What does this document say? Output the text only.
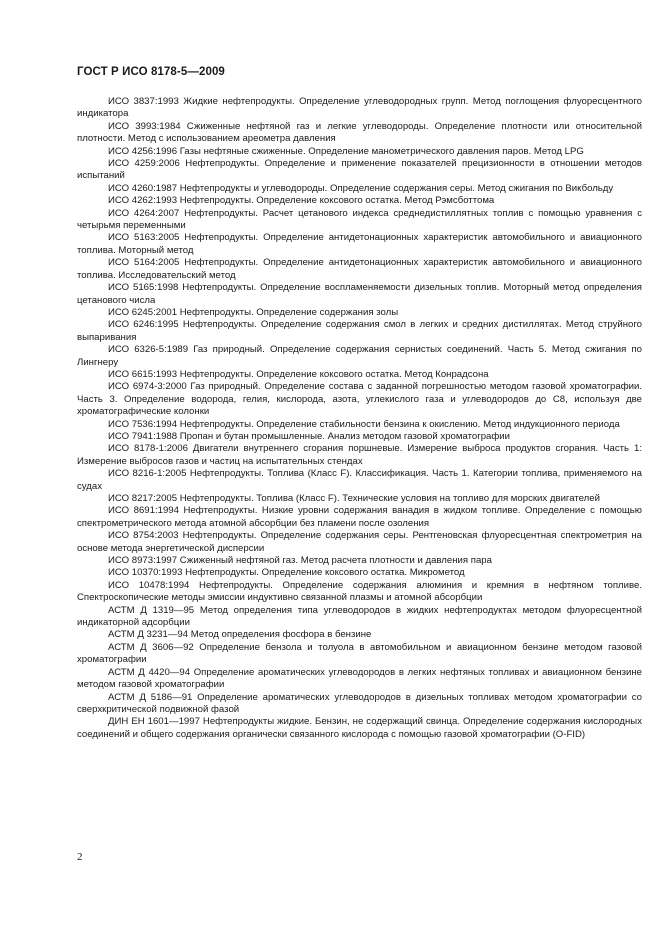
ГОСТ Р ИСО 8178-5—2009

ИСО 3837:1993 Жидкие нефтепродукты. Определение углеводородных групп. Метод поглощения флуоресцентного индикатора

ИСО 3993:1984 Сжиженные нефтяной газ и легкие углеводороды. Определение плотности или относительной плотности. Метод с использованием ареометра давления

ИСО 4256:1996 Газы нефтяные сжиженные. Определение манометрического давления паров. Метод LPG

ИСО 4259:2006 Нефтепродукты. Определение и применение показателей прецизионности в отношении методов испытаний

ИСО 4260:1987 Нефтепродукты и углеводороды. Определение содержания серы. Метод сжигания по Викбольду

ИСО 4262:1993 Нефтепродукты. Определение коксового остатка. Метод Рэмсботтома

ИСО 4264:2007 Нефтепродукты. Расчет цетанового индекса среднедистиллятных топлив с помощью уравнения с четырьмя переменными

ИСО 5163:2005 Нефтепродукты. Определение антидетонационных характеристик автомобильного и авиационного топлива. Моторный метод

ИСО 5164:2005 Нефтепродукты. Определение антидетонационных характеристик автомобильного и авиационного топлива. Исследовательский метод

ИСО 5165:1998 Нефтепродукты. Определение воспламеняемости дизельных топлив. Моторный метод определения цетанового числа

ИСО 6245:2001 Нефтепродукты. Определение содержания золы

ИСО 6246:1995 Нефтепродукты. Определение содержания смол в легких и средних дистиллятах. Метод струйного выпаривания

ИСО 6326-5:1989 Газ природный. Определение содержания сернистых соединений. Часть 5. Метод сжигания по Лингнеру

ИСО 6615:1993 Нефтепродукты. Определение коксового остатка. Метод Конрадсона

ИСО 6974-3:2000 Газ природный. Определение состава с заданной погрешностью методом газовой хроматографии. Часть 3. Определение водорода, гелия, кислорода, азота, углекислого газа и углеводородов до С8, используя две хроматографические колонки

ИСО 7536:1994 Нефтепродукты. Определение стабильности бензина к окислению. Метод индукционного периода

ИСО 7941:1988 Пропан и бутан промышленные. Анализ методом газовой хроматографии

ИСО 8178-1:2006 Двигатели внутреннего сгорания поршневые. Измерение выброса продуктов сгорания. Часть 1: Измерение выбросов газов и частиц на испытательных стендах

ИСО 8216-1:2005 Нефтепродукты. Топлива (Класс F). Классификация. Часть 1. Категории топлива, применяемого на судах

ИСО 8217:2005 Нефтепродукты. Топлива (Класс F). Технические условия на топливо для морских двигателей

ИСО 8691:1994 Нефтепродукты. Низкие уровни содержания ванадия в жидком топливе. Определение с помощью спектрометрического метода атомной абсорбции без пламени после озоления

ИСО 8754:2003 Нефтепродукты. Определение содержания серы. Рентгеновская флуоресцентная спектрометрия на основе метода энергетической дисперсии

ИСО 8973:1997 Сжиженный нефтяной газ. Метод расчета плотности и давления пара

ИСО 10370:1993 Нефтепродукты. Определение коксового остатка. Микрометод

ИСО 10478:1994 Нефтепродукты. Определение содержания алюминия и кремния в нефтяном топливе. Спектроскопические методы эмиссии индуктивно связанной плазмы и атомной абсорбции

АСТМ Д 1319—95 Метод определения типа углеводородов в жидких нефтепродуктах методом флуоресцентной индикаторной адсорбции

АСТМ Д 3231—94 Метод определения фосфора в бензине

АСТМ Д 3606—92 Определение бензола и толуола в автомобильном и авиационном бензине методом газовой хроматографии

АСТМ Д 4420—94 Определение ароматических углеводородов в легких нефтяных топливах и авиационном бензине методом газовой хроматографии

АСТМ Д 5186—91 Определение ароматических углеводородов в дизельных топливах методом хроматографии со сверхкритической подвижной фазой

ДИН ЕН 1601—1997 Нефтепродукты жидкие. Бензин, не содержащий свинца. Определение содержания кислородных соединений и общего содержания органически связанного кислорода с помощью газовой хроматографии (O-FID)

2
